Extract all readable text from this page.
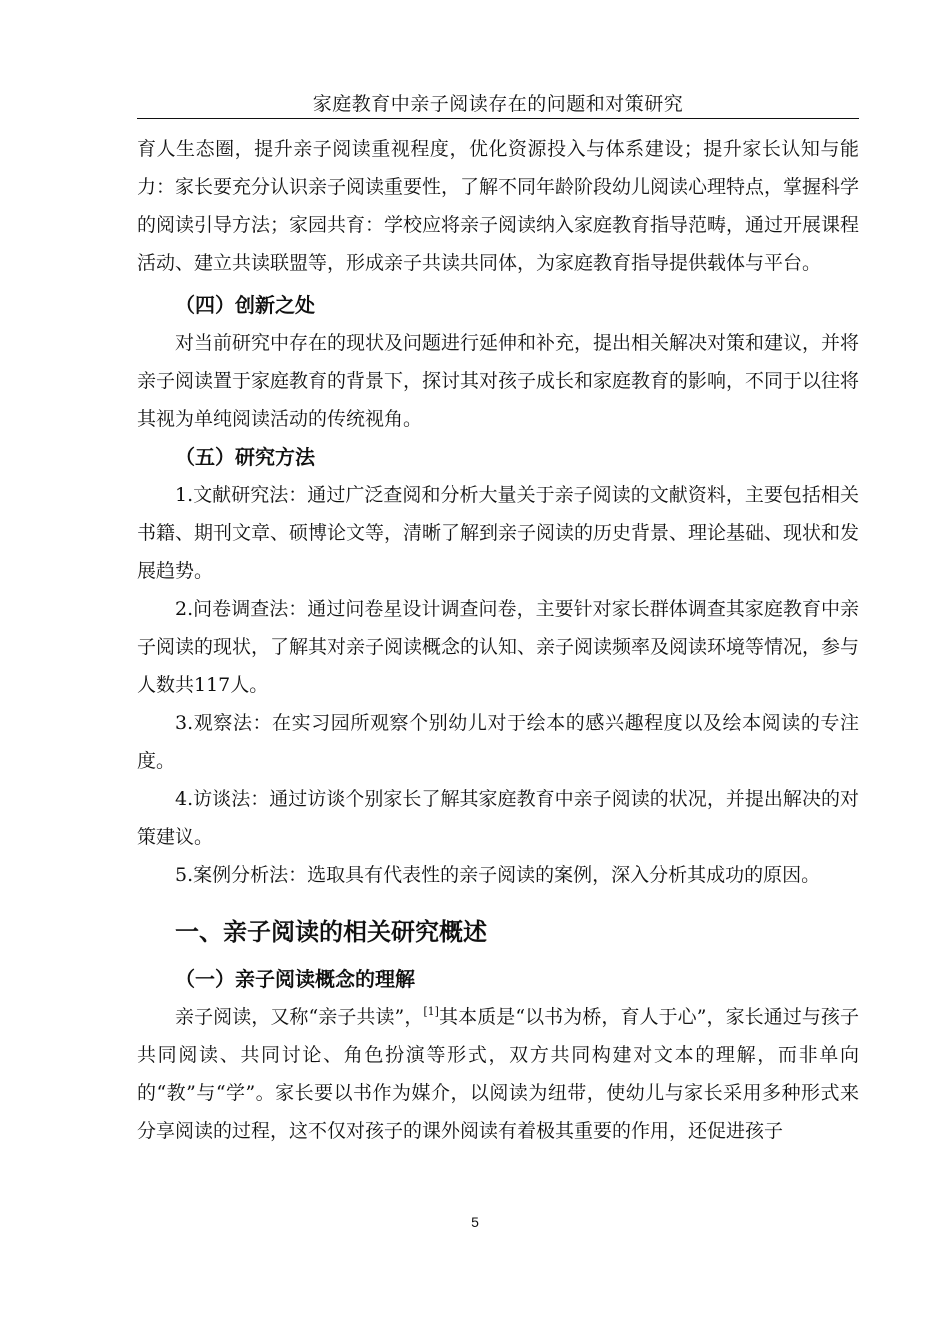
家庭教育中亲子阅读存在的问题和对策研究

育人生态圈，提升亲子阅读重视程度，优化资源投入与体系建设；提升家长认知与能力：家长要充分认识亲子阅读重要性，了解不同年龄阶段幼儿阅读心理特点，掌握科学的阅读引导方法；家园共育：学校应将亲子阅读纳入家庭教育指导范畴，通过开展课程活动、建立共读联盟等，形成亲子共读共同体，为家庭教育指导提供载体与平台。

（四）创新之处

对当前研究中存在的现状及问题进行延伸和补充，提出相关解决对策和建议，并将亲子阅读置于家庭教育的背景下，探讨其对孩子成长和家庭教育的影响，不同于以往将其视为单纯阅读活动的传统视角。

（五）研究方法

1.文献研究法：通过广泛查阅和分析大量关于亲子阅读的文献资料，主要包括相关书籍、期刊文章、硕博论文等，清晰了解到亲子阅读的历史背景、理论基础、现状和发展趋势。

2.问卷调查法：通过问卷星设计调查问卷，主要针对家长群体调查其家庭教育中亲子阅读的现状，了解其对亲子阅读概念的认知、亲子阅读频率及阅读环境等情况，参与人数共117人。

3.观察法：在实习园所观察个别幼儿对于绘本的感兴趣程度以及绘本阅读的专注度。

4.访谈法：通过访谈个别家长了解其家庭教育中亲子阅读的状况，并提出解决的对策建议。

5.案例分析法：选取具有代表性的亲子阅读的案例，深入分析其成功的原因。

一、亲子阅读的相关研究概述
（一）亲子阅读概念的理解

亲子阅读，又称“亲子共读”，[1]其本质是“以书为桥，育人于心”，家长通过与孩子共同阅读、共同讨论、角色扮演等形式，双方共同构建对文本的理解，而非单向的“教”与“学”。家长要以书作为媒介，以阅读为纽带，使幼儿与家长采用多种形式来分享阅读的过程，这不仅对孩子的课外阅读有着极其重要的作用，还促进孩子

5
